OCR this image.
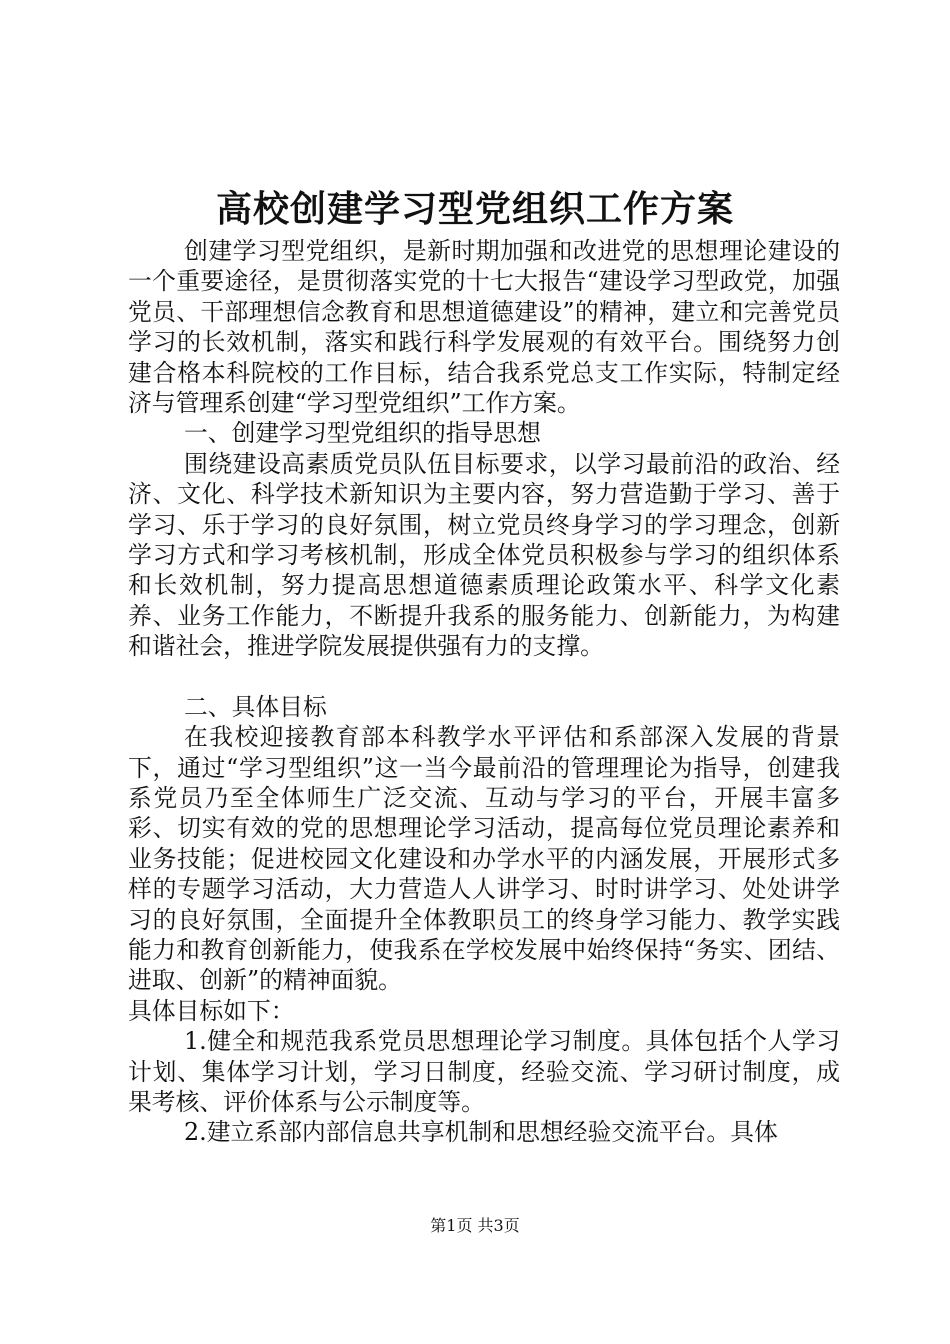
高校创建学习型党组织工作方案

创建学习型党组织，是新时期加强和改进党的思想理论建设的一个重要途径，是贯彻落实党的十七大报告“建设学习型政党，加强党员、干部理想信念教育和思想道德建设”的精神，建立和完善党员学习的长效机制，落实和践行科学发展观的有效平台。围绕努力创建合格本科院校的工作目标，结合我系党总支工作实际，特制定经济与管理系创建“学习型党组织”工作方案。

一、创建学习型党组织的指导思想

围绕建设高素质党员队伍目标要求，以学习最前沿的政治、经济、文化、科学技术新知识为主要内容，努力营造勤于学习、善于学习、乐于学习的良好氛围，树立党员终身学习的学习理念，创新学习方式和学习考核机制，形成全体党员积极参与学习的组织体系和长效机制，努力提高思想道德素质理论政策水平、科学文化素养、业务工作能力，不断提升我系的服务能力、创新能力，为构建和谐社会，推进学院发展提供强有力的支撑。

二、具体目标

在我校迎接教育部本科教学水平评估和系部深入发展的背景下，通过“学习型组织”这一当今最前沿的管理理论为指导，创建我系党员乃至全体师生广泛交流、互动与学习的平台，开展丰富多彩、切实有效的党的思想理论学习活动，提高每位党员理论素养和业务技能；促进校园文化建设和办学水平的内涵发展，开展形式多样的专题学习活动，大力营造人人讲学习、时时讲学习、处处讲学习的良好氛围，全面提升全体教职员工的终身学习能力、教学实践能力和教育创新能力，使我系在学校发展中始终保持“务实、团结、进取、创新”的精神面貌。

具体目标如下：

1.健全和规范我系党员思想理论学习制度。具体包括个人学习计划、集体学习计划，学习日制度，经验交流、学习研讨制度，成果考核、评价体系与公示制度等。

2.建立系部内部信息共享机制和思想经验交流平台。具体

第1页 共3页
